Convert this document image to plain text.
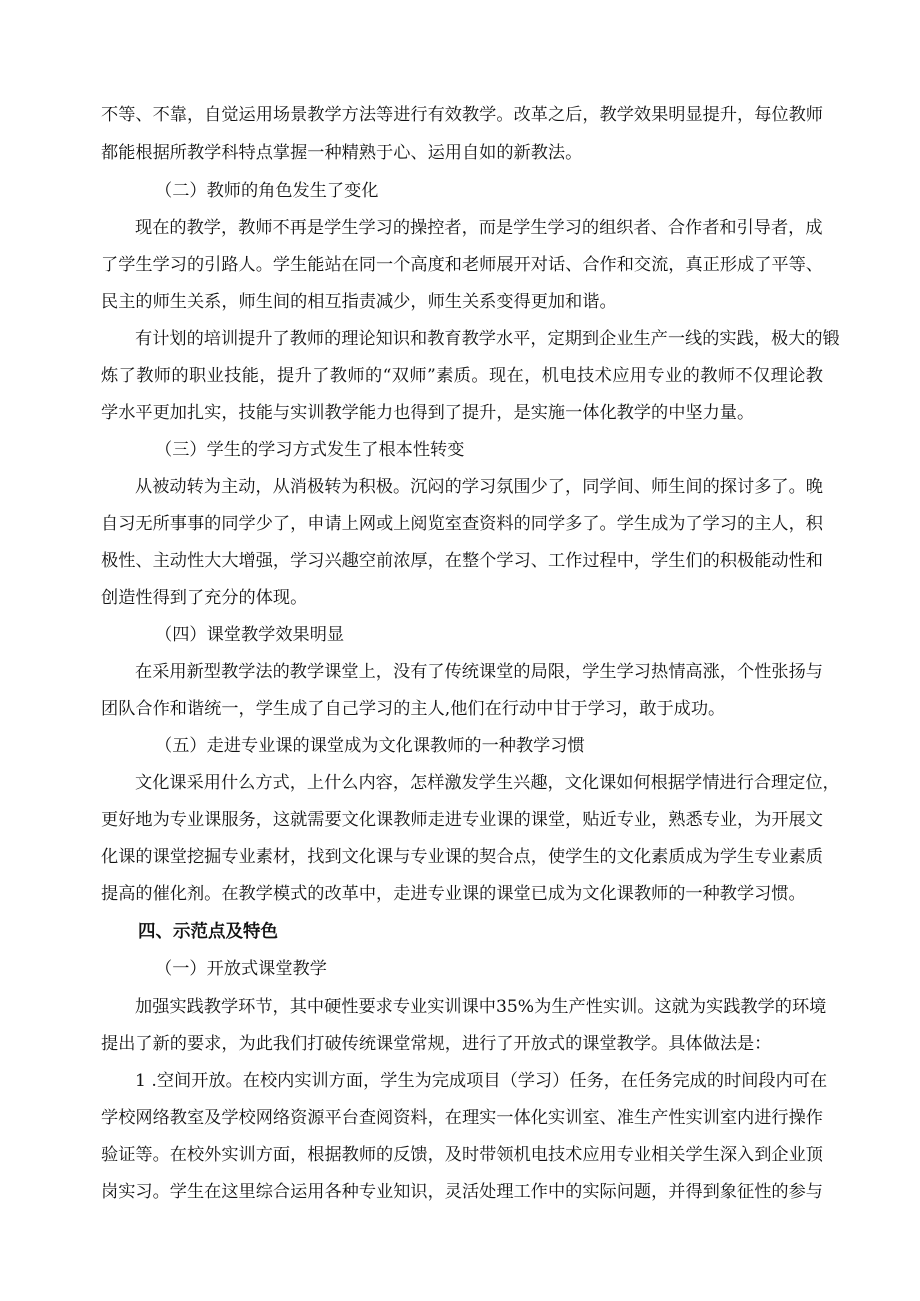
不等、不靠，自觉运用场景教学方法等进行有效教学。改革之后，教学效果明显提升，每位教师
都能根据所教学科特点掌握一种精熟于心、运用自如的新教法。
（二）教师的角色发生了变化
现在的教学，教师不再是学生学习的操控者，而是学生学习的组织者、合作者和引导者，成
了学生学习的引路人。学生能站在同一个高度和老师展开对话、合作和交流，真正形成了平等、
民主的师生关系，师生间的相互指责减少，师生关系变得更加和谐。
有计划的培训提升了教师的理论知识和教育教学水平，定期到企业生产一线的实践，极大的锻
炼了教师的职业技能，提升了教师的“双师”素质。现在，机电技术应用专业的教师不仅理论教
学水平更加扎实，技能与实训教学能力也得到了提升，是实施一体化教学的中坚力量。
（三）学生的学习方式发生了根本性转变
从被动转为主动，从消极转为积极。沉闷的学习氛围少了，同学间、师生间的探讨多了。晚
自习无所事事的同学少了，申请上网或上阅览室查资料的同学多了。学生成为了学习的主人，积
极性、主动性大大增强，学习兴趣空前浓厚，在整个学习、工作过程中，学生们的积极能动性和
创造性得到了充分的体现。
（四）课堂教学效果明显
在采用新型教学法的教学课堂上，没有了传统课堂的局限，学生学习热情高涨，个性张扬与
团队合作和谐统一，学生成了自己学习的主人,他们在行动中甘于学习，敢于成功。
（五）走进专业课的课堂成为文化课教师的一种教学习惯
文化课采用什么方式，上什么内容，怎样激发学生兴趣，文化课如何根据学情进行合理定位，
更好地为专业课服务，这就需要文化课教师走进专业课的课堂，贴近专业，熟悉专业，为开展文
化课的课堂挖掘专业素材，找到文化课与专业课的契合点，使学生的文化素质成为学生专业素质
提高的催化剂。在教学模式的改革中，走进专业课的课堂已成为文化课教师的一种教学习惯。
四、示范点及特色
（一）开放式课堂教学
加强实践教学环节，其中硬性要求专业实训课中35%为生产性实训。这就为实践教学的环境
提出了新的要求，为此我们打破传统课堂常规，进行了开放式的课堂教学。具体做法是：
1 .空间开放。在校内实训方面，学生为完成项目（学习）任务，在任务完成的时间段内可在
学校网络教室及学校网络资源平台查阅资料，在理实一体化实训室、准生产性实训室内进行操作
验证等。在校外实训方面，根据教师的反馈，及时带领机电技术应用专业相关学生深入到企业顶
岗实习。学生在这里综合运用各种专业知识，灵活处理工作中的实际问题，并得到象征性的参与
